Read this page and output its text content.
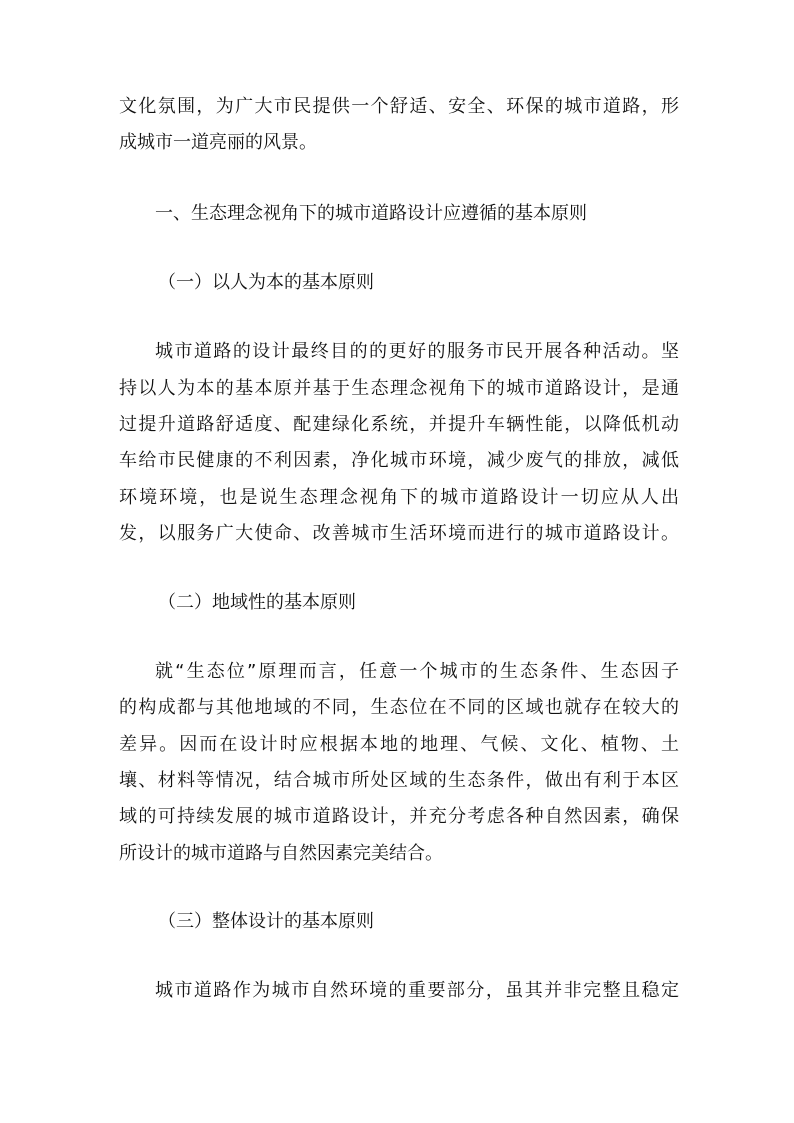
文化氛围，为广大市民提供一个舒适、安全、环保的城市道路，形

成城市一道亮丽的风景。

一、生态理念视角下的城市道路设计应遵循的基本原则

（一）以人为本的基本原则

城市道路的设计最终目的的更好的服务市民开展各种活动。坚

持以人为本的基本原并基于生态理念视角下的城市道路设计，是通

过提升道路舒适度、配建绿化系统，并提升车辆性能，以降低机动

车给市民健康的不利因素，净化城市环境，减少废气的排放，减低

环境环境，也是说生态理念视角下的城市道路设计一切应从人出

发，以服务广大使命、改善城市生活环境而进行的城市道路设计。

（二）地域性的基本原则

就“生态位”原理而言，任意一个城市的生态条件、生态因子

的构成都与其他地域的不同，生态位在不同的区域也就存在较大的

差异。因而在设计时应根据本地的地理、气候、文化、植物、土

壤、材料等情况，结合城市所处区域的生态条件，做出有利于本区

域的可持续发展的城市道路设计，并充分考虑各种自然因素，确保

所设计的城市道路与自然因素完美结合。

（三）整体设计的基本原则

城市道路作为城市自然环境的重要部分，虽其并非完整且稳定
